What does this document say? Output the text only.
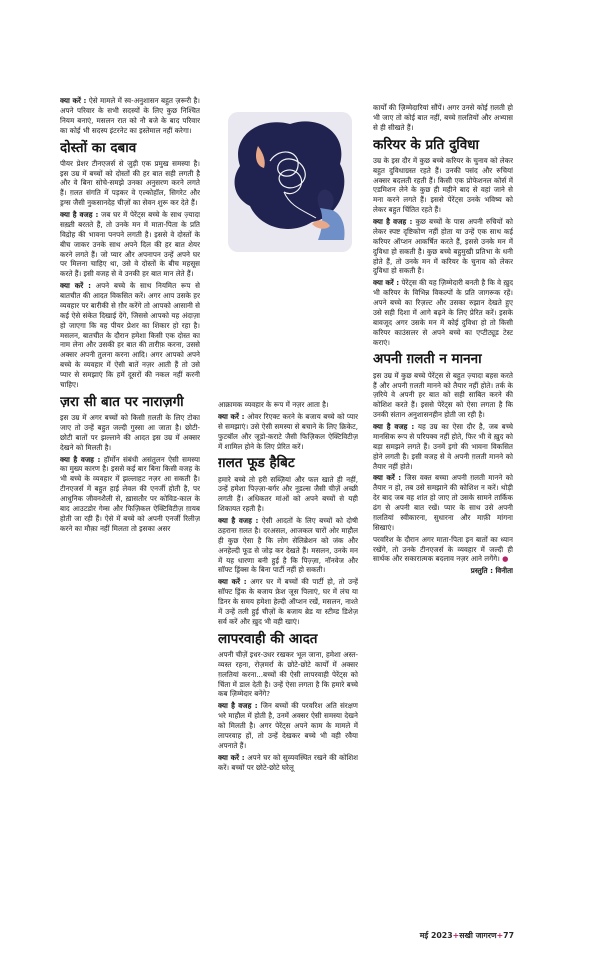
क्या करें : ऐसे मामले में स्व-अनुशासन बहुत ज़रूरी है। अपने परिवार के सभी सदस्यों के लिए कुछ निश्चित नियम बनाएं, मसलन रात को नौ बजे के बाद परिवार का कोई भी सदस्य इंटरनेट का इस्तेमाल नहीं करेगा।

दोस्तों का दबाव

पीयर प्रेशर टीनएजर्स से जुड़ी एक प्रमुख समस्या है। इस उम्र में बच्चों को दोस्तों की हर बात सही लगती है और वे बिना सोचे-समझे उनका अनुसरण करने लगते हैं। ग़लत संगति में पड़कर वे एल्कोहॉल, सिगरेट और ड्रग्स जैसी नुकसानदेह चीज़ों का सेवन शुरू कर देते हैं।

क्या है वजह : जब घर में पेरेंट्स बच्चे के साथ ज़्यादा सख़्ती बरतते हैं, तो उनके मन में माता-पिता के प्रति विद्रोह की भावना पनपने लगती है। इससे वे दोस्तों के बीच जाकर उनके साथ अपने दिल की हर बात शेयर करने लगते हैं। जो प्यार और अपनापन उन्हें अपने घर पर मिलना चाहिए था, उसे वे दोस्तों के बीच महसूस करते हैं। इसी वजह से वे उनकी हर बात मान लेते हैं।

क्या करें : अपने बच्चे के साथ नियमित रूप से बातचीत की आदत विकसित करें। अगर आप उसके हर व्यवहार पर बारीकी से ग़ौर करेंगे तो आपको आसानी से कई ऐसे संकेत दिखाई देंगे, जिससे आपको यह अंदाज़ा हो जाएगा कि वह पीयर प्रेशर का शिकार हो रहा है। मसलन, बातचीत के दौरान हमेशा किसी एक दोस्त का नाम लेना और उसकी हर बात की तारीफ़ करना, उससे अक्सर अपनी तुलना करना आदि। अगर आपको अपने बच्चे के व्यवहार में ऐसी बातें नज़र आती हैं तो उसे प्यार से समझाएं कि हमें दूसरों की नकल नहीं करनी चाहिए।

ज़रा सी बात पर नाराज़गी

इस उम्र में अगर बच्चों को किसी ग़लती के लिए टोका जाए तो उन्हें बहुत जल्दी गुस्सा आ जाता है। छोटी-छोटी बातों पर झल्लाने की आदत इस उम्र में अक्सर देखने को मिलती है।

क्या है वजह : हॉर्मोन संबंधी असंतुलन ऐसी समस्या का मुख्य कारण है। इससे कई बार बिना किसी वजह के भी बच्चे के व्यवहार में झल्लाहट नज़र आ सकती है। टीनएजर्स में बहुत हाई लेवल की एनर्जी होती है, पर आधुनिक जीवनशैली से, ख़ासतौर पर कोविड-काल के बाद आउटडोर गेम्स और फिज़िकल ऐक्टिविटीज़ ग़ायब होती जा रही हैं। ऐसे में बच्चे को अपनी एनर्जी रिलीज़ करने का मौक़ा नहीं मिलता तो इसका असर

आक्रामक व्यवहार के रूप में नज़र आता है।

क्या करें : ओवर रिएक्ट करने के बजाय बच्चे को प्यार से समझाएं। उसे ऐसी समस्या से बचाने के लिए क्रिकेट, फुटबॉल और जूडो-कराटे जैसी फिज़िकल ऐक्टिविटीज़ में शामिल होने के लिए प्रेरित करें।

ग़लत फूड हैबिट

हमारे बच्चे तो हरी सब्ज़ियां और फल खाते ही नहीं, उन्हें हमेशा पिज़्ज़ा-बर्गर और नूडल्स जैसी चीज़ें अच्छी लगती हैं। अधिकतर मांओं को अपने बच्चों से यही शिकायत रहती है।

क्या है वजह : ऐसी आदतों के लिए बच्चों को दोषी ठहराना ग़लत है। दरअसल, आजकल चारों ओर माहौल ही कुछ ऐसा है कि लोग सेलिब्रेशन को जंक और अनहेल्दी फूड से जोड़ कर देखते हैं। मसलन, उनके मन में यह धारणा बनी हुई है कि पिज़्ज़ा, नॉनवेज और सॉफ्ट ड्रिंक्स के बिना पार्टी नहीं हो सकती।

क्या करें : अगर घर में बच्चों की पार्टी हो, तो उन्हें सॉफ्ट ड्रिंक के बजाय फ्रेश जूस पिलाएं, घर में लंच या डिनर के समय हमेशा हेल्दी ऑप्शन रखें, मसलन, नाश्ते में उन्हें तली हुई चीज़ों के बजाय ब्रेड या स्टीम्ड डिशेज़ सर्व करें और ख़ुद भी वही खाएं।

लापरवाही की आदत

अपनी चीज़ें इधर-उधर रखकर भूल जाना, हमेशा अस्त-व्यस्त रहना, रोज़मर्रा के छोटे-छोटे कार्यों में अक्सर ग़लतियां करना...बच्चों की ऐसी लापरवाही पेरेंट्स को चिंता में डाल देती है। उन्हें ऐसा लगता है कि हमारे बच्चे कब ज़िम्मेदार बनेंगे?

क्या है वजह : जिन बच्चों की परवरिश अति संरक्षण भरे माहौल में होती है, उनमें अक्सर ऐसी समस्या देखने को मिलती है। अगर पेरेंट्स अपने काम के मामले में लापरवाह हों, तो उन्हें देखकर बच्चे भी वही रवैया अपनाते हैं।

क्या करें : अपने घर को सुव्यवस्थित रखने की कोशिश करें। बच्चों पर छोटे-छोटे घरेलू

कार्यों की ज़िम्मेदारियां सौंपें। अगर उनसे कोई ग़लती हो भी जाए तो कोई बात नहीं, बच्चे ग़लतियों और अभ्यास से ही सीखते हैं।

करियर के प्रति दुविधा

उम्र के इस दौर में कुछ बच्चे करियर के चुनाव को लेकर बहुत दुविधाग्रस्त रहते हैं। उनकी पसंद और रुचियां अक्सर बदलती रहती हैं। किसी एक प्रोफेशनल कोर्स में एडमिशन लेने के कुछ ही महीने बाद से वहां जाने से मना करने लगते हैं। इससे पेरेंट्स उनके भविष्य को लेकर बहुत चिंतित रहते हैं।

क्या है वजह : कुछ बच्चों के पास अपनी रुचियों को लेकर स्पष्ट दृष्टिकोण नहीं होता या उन्हें एक साथ कई करियर ऑप्शन आकर्षित करते हैं, इससे उनके मन में दुविधा हो सकती है। कुछ बच्चे बहुमुखी प्रतिभा के धनी होते हैं, तो उनके मन में करियर के चुनाव को लेकर दुविधा हो सकती है।

क्या करें : पेरेंट्स की यह ज़िम्मेदारी बनती है कि वे ख़ुद भी करियर के विभिन्न विकल्पों के प्रति जागरूक रहें। अपने बच्चे का रिज़ल्ट और उसका रुझान देखते हुए उसे सही दिशा में आगे बढ़ने के लिए प्रेरित करें। इसके बावजूद अगर उसके मन में कोई दुविधा हो तो किसी करियर काउंसलर से अपने बच्चे का एप्टीट्यूड टेस्ट कराएं।

अपनी ग़लती न मानना

इस उम्र में कुछ बच्चे पेरेंट्स से बहुत ज़्यादा बहस करते हैं और अपनी ग़लती मानने को तैयार नहीं होते। तर्क के ज़रिये वे अपनी हर बात को सही साबित करने की कोशिश करते हैं। इससे पेरेंट्स को ऐसा लगता है कि उनकी संतान अनुशासनहीन होती जा रही है।

क्या है वजह : यह उम्र का ऐसा दौर है, जब बच्चे मानसिक रूप से परिपक्व नहीं होते, फिर भी वे ख़ुद को बड़ा समझने लगते हैं। उनमें इगो की भावना विकसित होने लगती है। इसी वजह से वे अपनी ग़लती मानने को तैयार नहीं होते।

क्या करें : जिस वक्त बच्चा अपनी ग़लती मानने को तैयार न हो, तब उसे समझाने की कोशिश न करें। थोड़ी देर बाद जब वह शांत हो जाए तो उसके सामने तार्किक ढंग से अपनी बात रखें। प्यार के साथ उसे अपनी ग़लतियां स्वीकारना, सुधारना और माफ़ी मांगना सिखाएं।

परवरिश के दौरान अगर माता-पिता इन बातों का ध्यान रखेंगे, तो उनके टीनएजर्स के व्यवहार में जल्दी ही सार्थक और सकारात्मक बदलाव नज़र आने लगेंगे। ●

प्रस्तुति : विनीता

मई 2023+सखी जागरण+77
